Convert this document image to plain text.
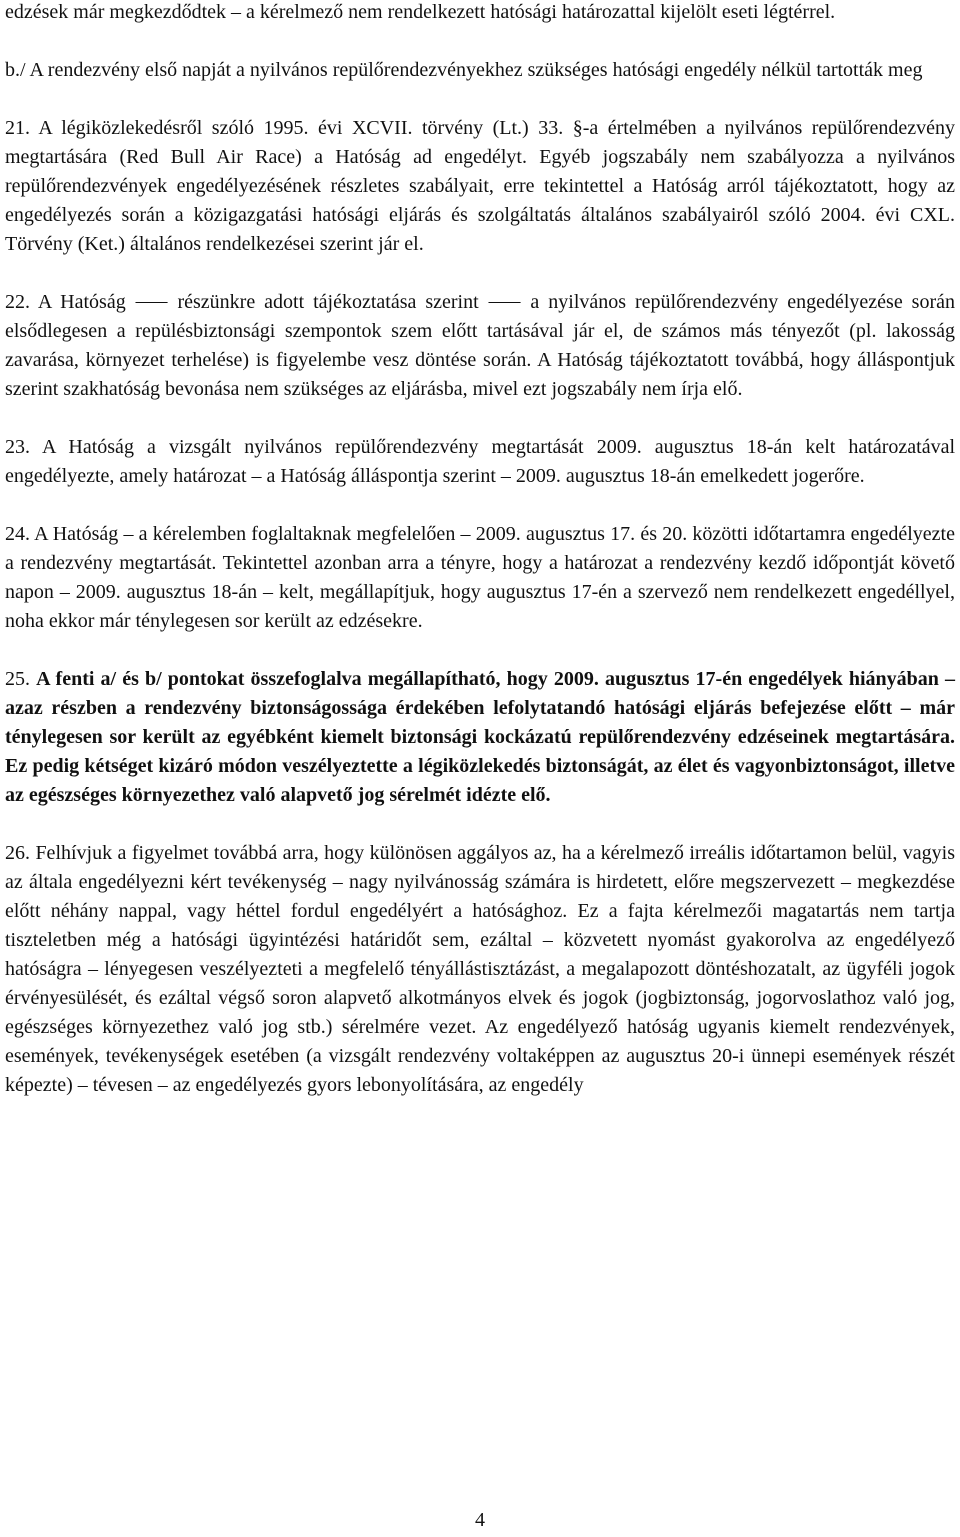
edzések már megkezdődtek – a kérelmező nem rendelkezett hatósági határozattal kijelölt eseti légtérrel.

b./ A rendezvény első napját a nyilvános repülőrendezvényekhez szükséges hatósági engedély nélkül tartották meg

21. A légiközlekedésről szóló 1995. évi XCVII. törvény (Lt.) 33. §-a értelmében a nyilvános repülőrendezvény megtartására (Red Bull Air Race) a Hatóság ad engedélyt. Egyéb jogszabály nem szabályozza a nyilvános repülőrendezvények engedélyezésének részletes szabályait, erre tekintettel a Hatóság arról tájékoztatott, hogy az engedélyezés során a közigazgatási hatósági eljárás és szolgáltatás általános szabályairól szóló 2004. évi CXL. Törvény (Ket.) általános rendelkezései szerint jár el.

22. A Hatóság ⸺ részünkre adott tájékoztatása szerint ⸺ a nyilvános repülőrendezvény engedélyezése során elsődlegesen a repülésbiztonsági szempontok szem előtt tartásával jár el, de számos más tényezőt (pl. lakosság zavarása, környezet terhelése) is figyelembe vesz döntése során. A Hatóság tájékoztatott továbbá, hogy álláspontjuk szerint szakhatóság bevonása nem szükséges az eljárásba, mivel ezt jogszabály nem írja elő.

23. A Hatóság a vizsgált nyilvános repülőrendezvény megtartását 2009. augusztus 18-án kelt határozatával engedélyezte, amely határozat – a Hatóság álláspontja szerint – 2009. augusztus 18-án emelkedett jogerőre.

24. A Hatóság – a kérelemben foglaltaknak megfelelően – 2009. augusztus 17. és 20. közötti időtartamra engedélyezte a rendezvény megtartását. Tekintettel azonban arra a tényre, hogy a határozat a rendezvény kezdő időpontját követő napon – 2009. augusztus 18-án – kelt, megállapítjuk, hogy augusztus 17-én a szervező nem rendelkezett engedéllyel, noha ekkor már ténylegesen sor került az edzésekre.

25. A fenti a/ és b/ pontokat összefoglalva megállapítható, hogy 2009. augusztus 17-én engedélyek hiányában – azaz részben a rendezvény biztonságossága érdekében lefolytatandó hatósági eljárás befejezése előtt – már ténylegesen sor került az egyébként kiemelt biztonsági kockázatú repülőrendezvény edzéseinek megtartására. Ez pedig kétséget kizáró módon veszélyeztette a légiközlekedés biztonságát, az élet és vagyonbiztonságot, illetve az egészséges környezethez való alapvető jog sérelmét idézte elő.

26. Felhívjuk a figyelmet továbbá arra, hogy különösen aggályos az, ha a kérelmező irreális időtartamon belül, vagyis az általa engedélyezni kért tevékenység – nagy nyilvánosság számára is hirdetett, előre megszervezett – megkezdése előtt néhány nappal, vagy héttel fordul engedélyért a hatósághoz. Ez a fajta kérelmezői magatartás nem tartja tiszteletben még a hatósági ügyintézési határidőt sem, ezáltal – közvetett nyomást gyakorolva az engedélyező hatóságra – lényegesen veszélyezteti a megfelelő tényállástisztázást, a megalapozott döntéshozatalt, az ügyféli jogok érvényesülését, és ezáltal végső soron alapvető alkotmányos elvek és jogok (jogbiztonság, jogorvoslathoz való jog, egészséges környezethez való jog stb.) sérelmére vezet. Az engedélyező hatóság ugyanis kiemelt rendezvények, események, tevékenységek esetében (a vizsgált rendezvény voltaképpen az augusztus 20-i ünnepi események részét képezte) – tévesen – az engedélyezés gyors lebonyolítására, az engedély

4
